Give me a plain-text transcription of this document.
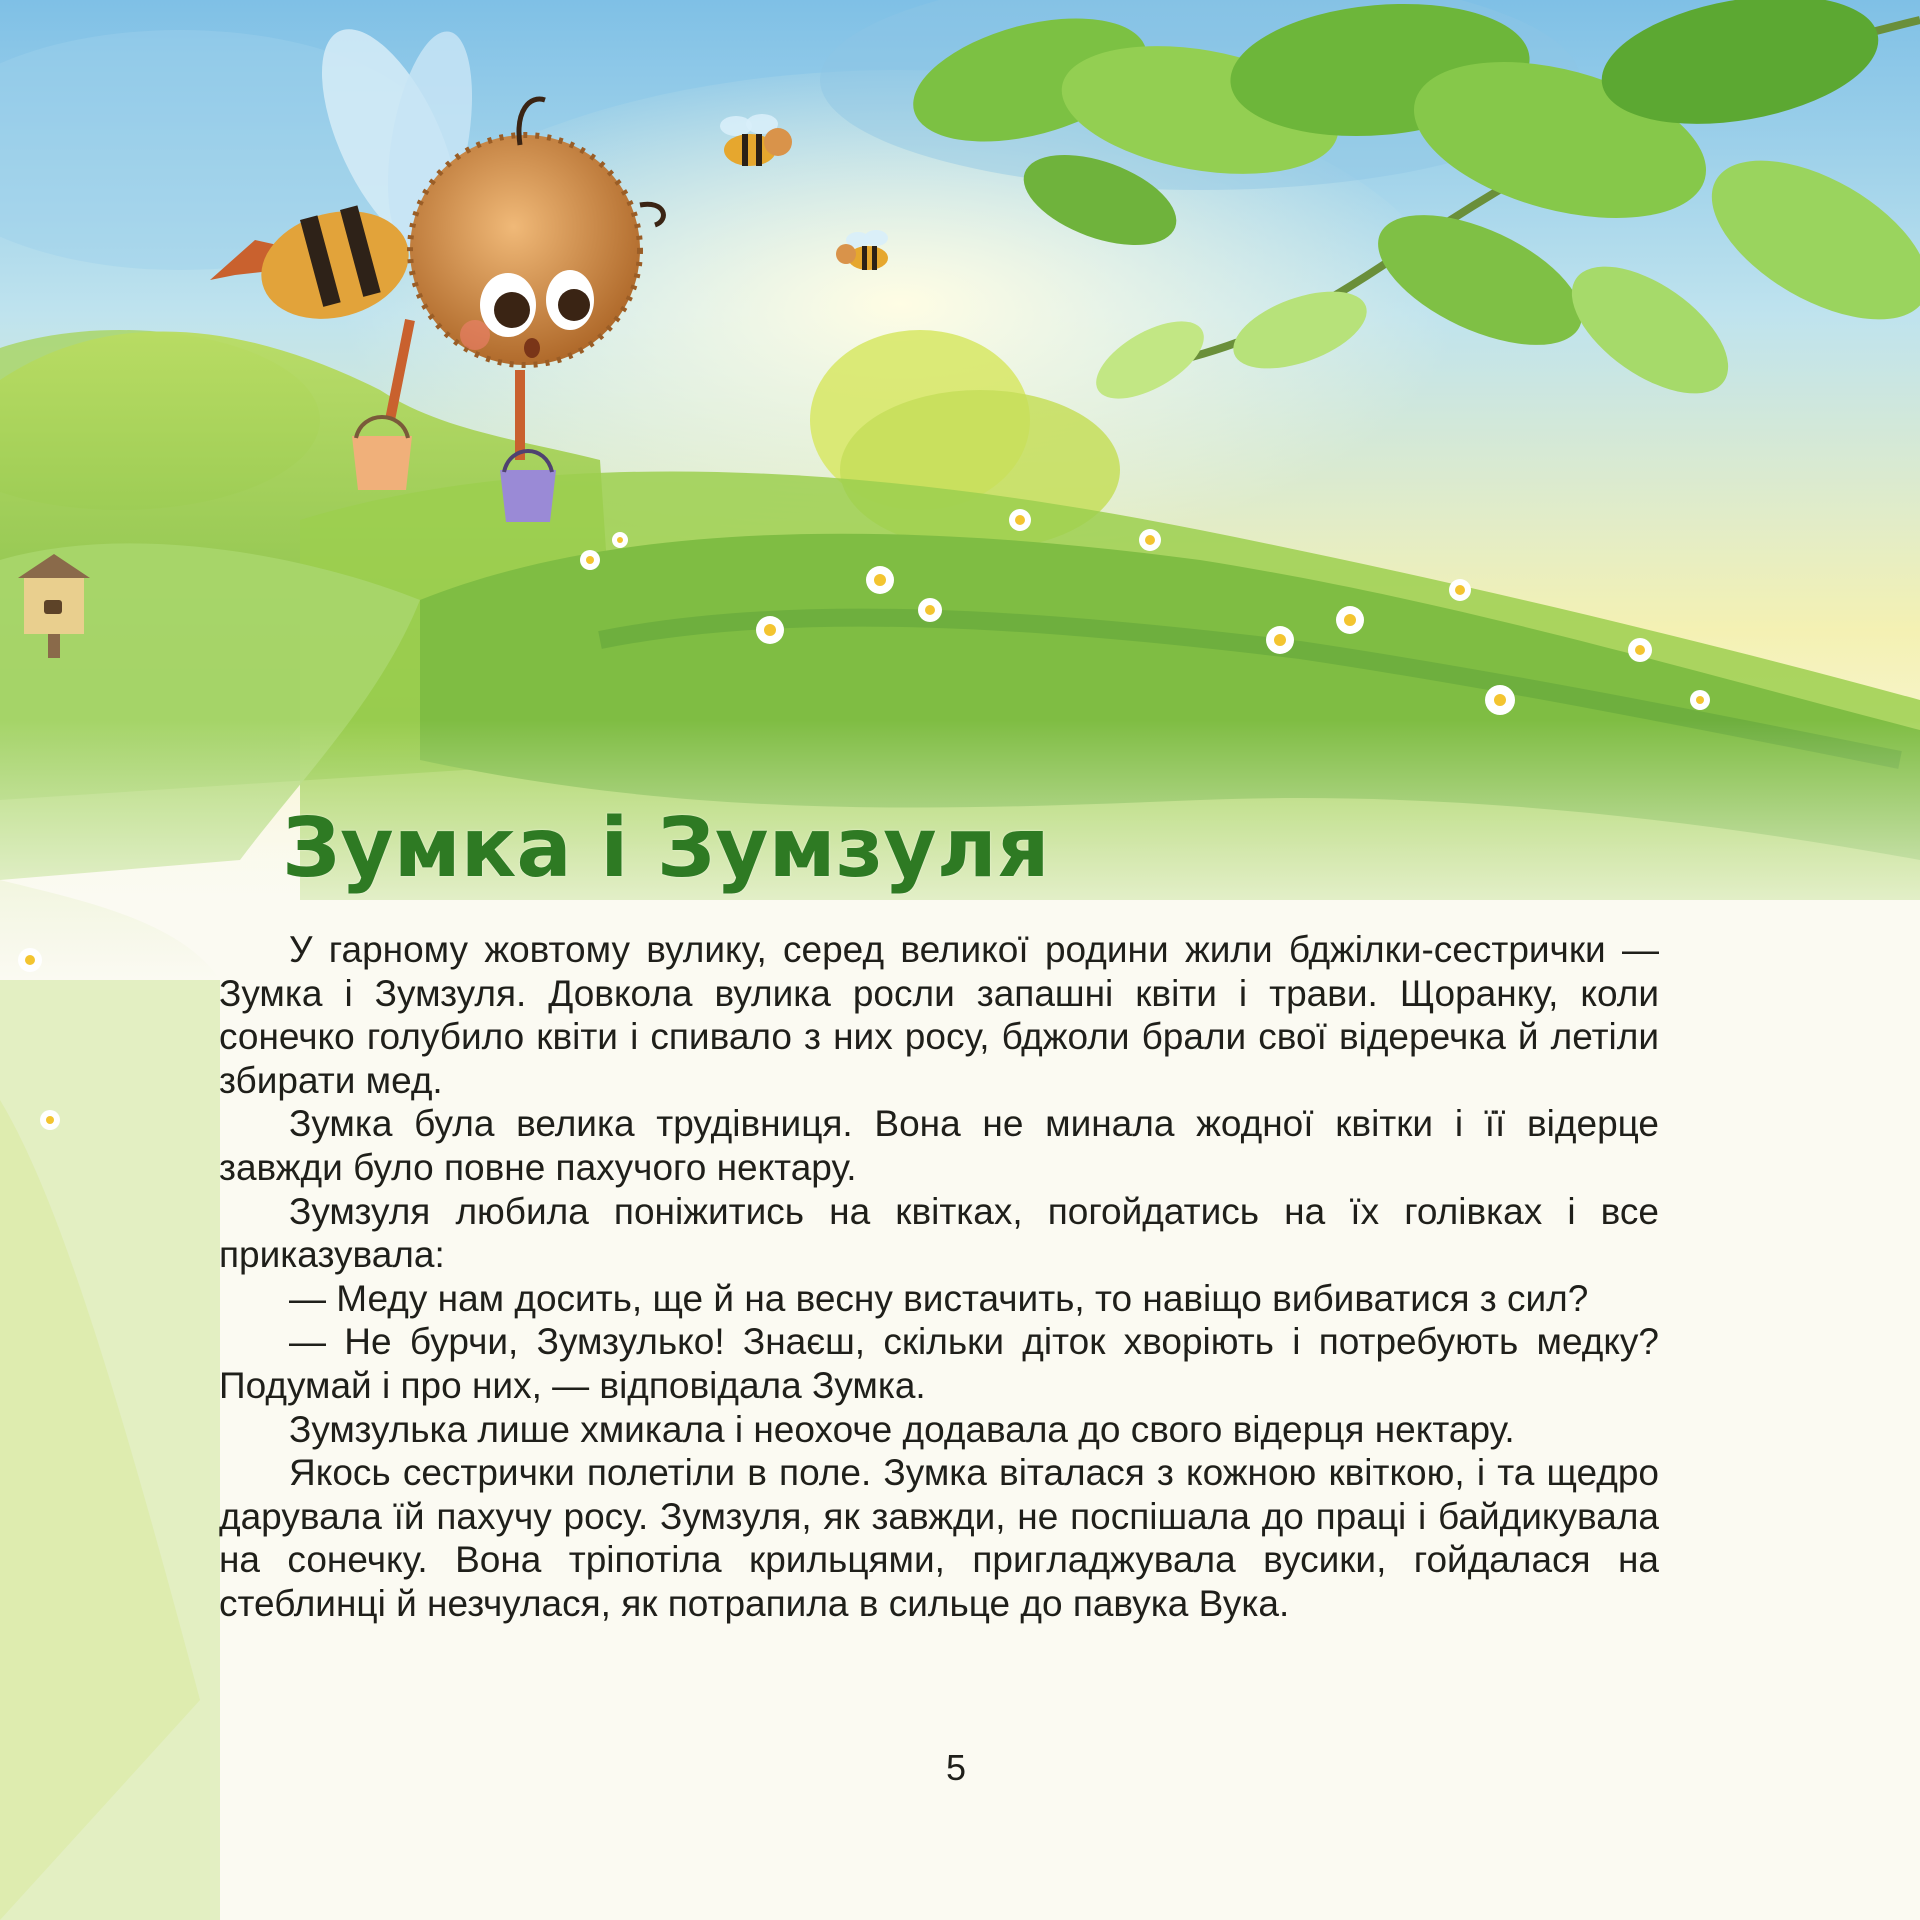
Зумка і Зумзуля

У гарному жовтому вулику, серед великої родини жили бджілки-сестрички — Зумка і Зумзуля. Довкола вулика росли запашні квіти і трави. Щоранку, коли сонечко голубило квіти і спивало з них росу, бджоли брали свої відеречка й летіли збирати мед.

Зумка була велика трудівниця. Вона не минала жодної квітки і її відерце завжди було повне пахучого нектару.

Зумзуля любила поніжитись на квітках, погойдатись на їх голівках і все приказувала:

— Меду нам досить, ще й на весну вистачить, то навіщо вибиватися з сил?

— Не бурчи, Зумзулько! Знаєш, скільки діток хворіють і потребують медку? Подумай і про них, — відповідала Зумка.

Зумзулька лише хмикала і неохоче додавала до свого відерця нектару.

Якось сестрички полетіли в поле. Зумка віталася з кожною квіткою, і та щедро дарувала їй пахучу росу. Зумзуля, як завжди, не поспішала до праці і байдикувала на сонечку. Вона тріпотіла крильцями, пригладжувала вусики, гойдалася на стеблинці й незчулася, як потрапила в сильце до павука Вука.

5
